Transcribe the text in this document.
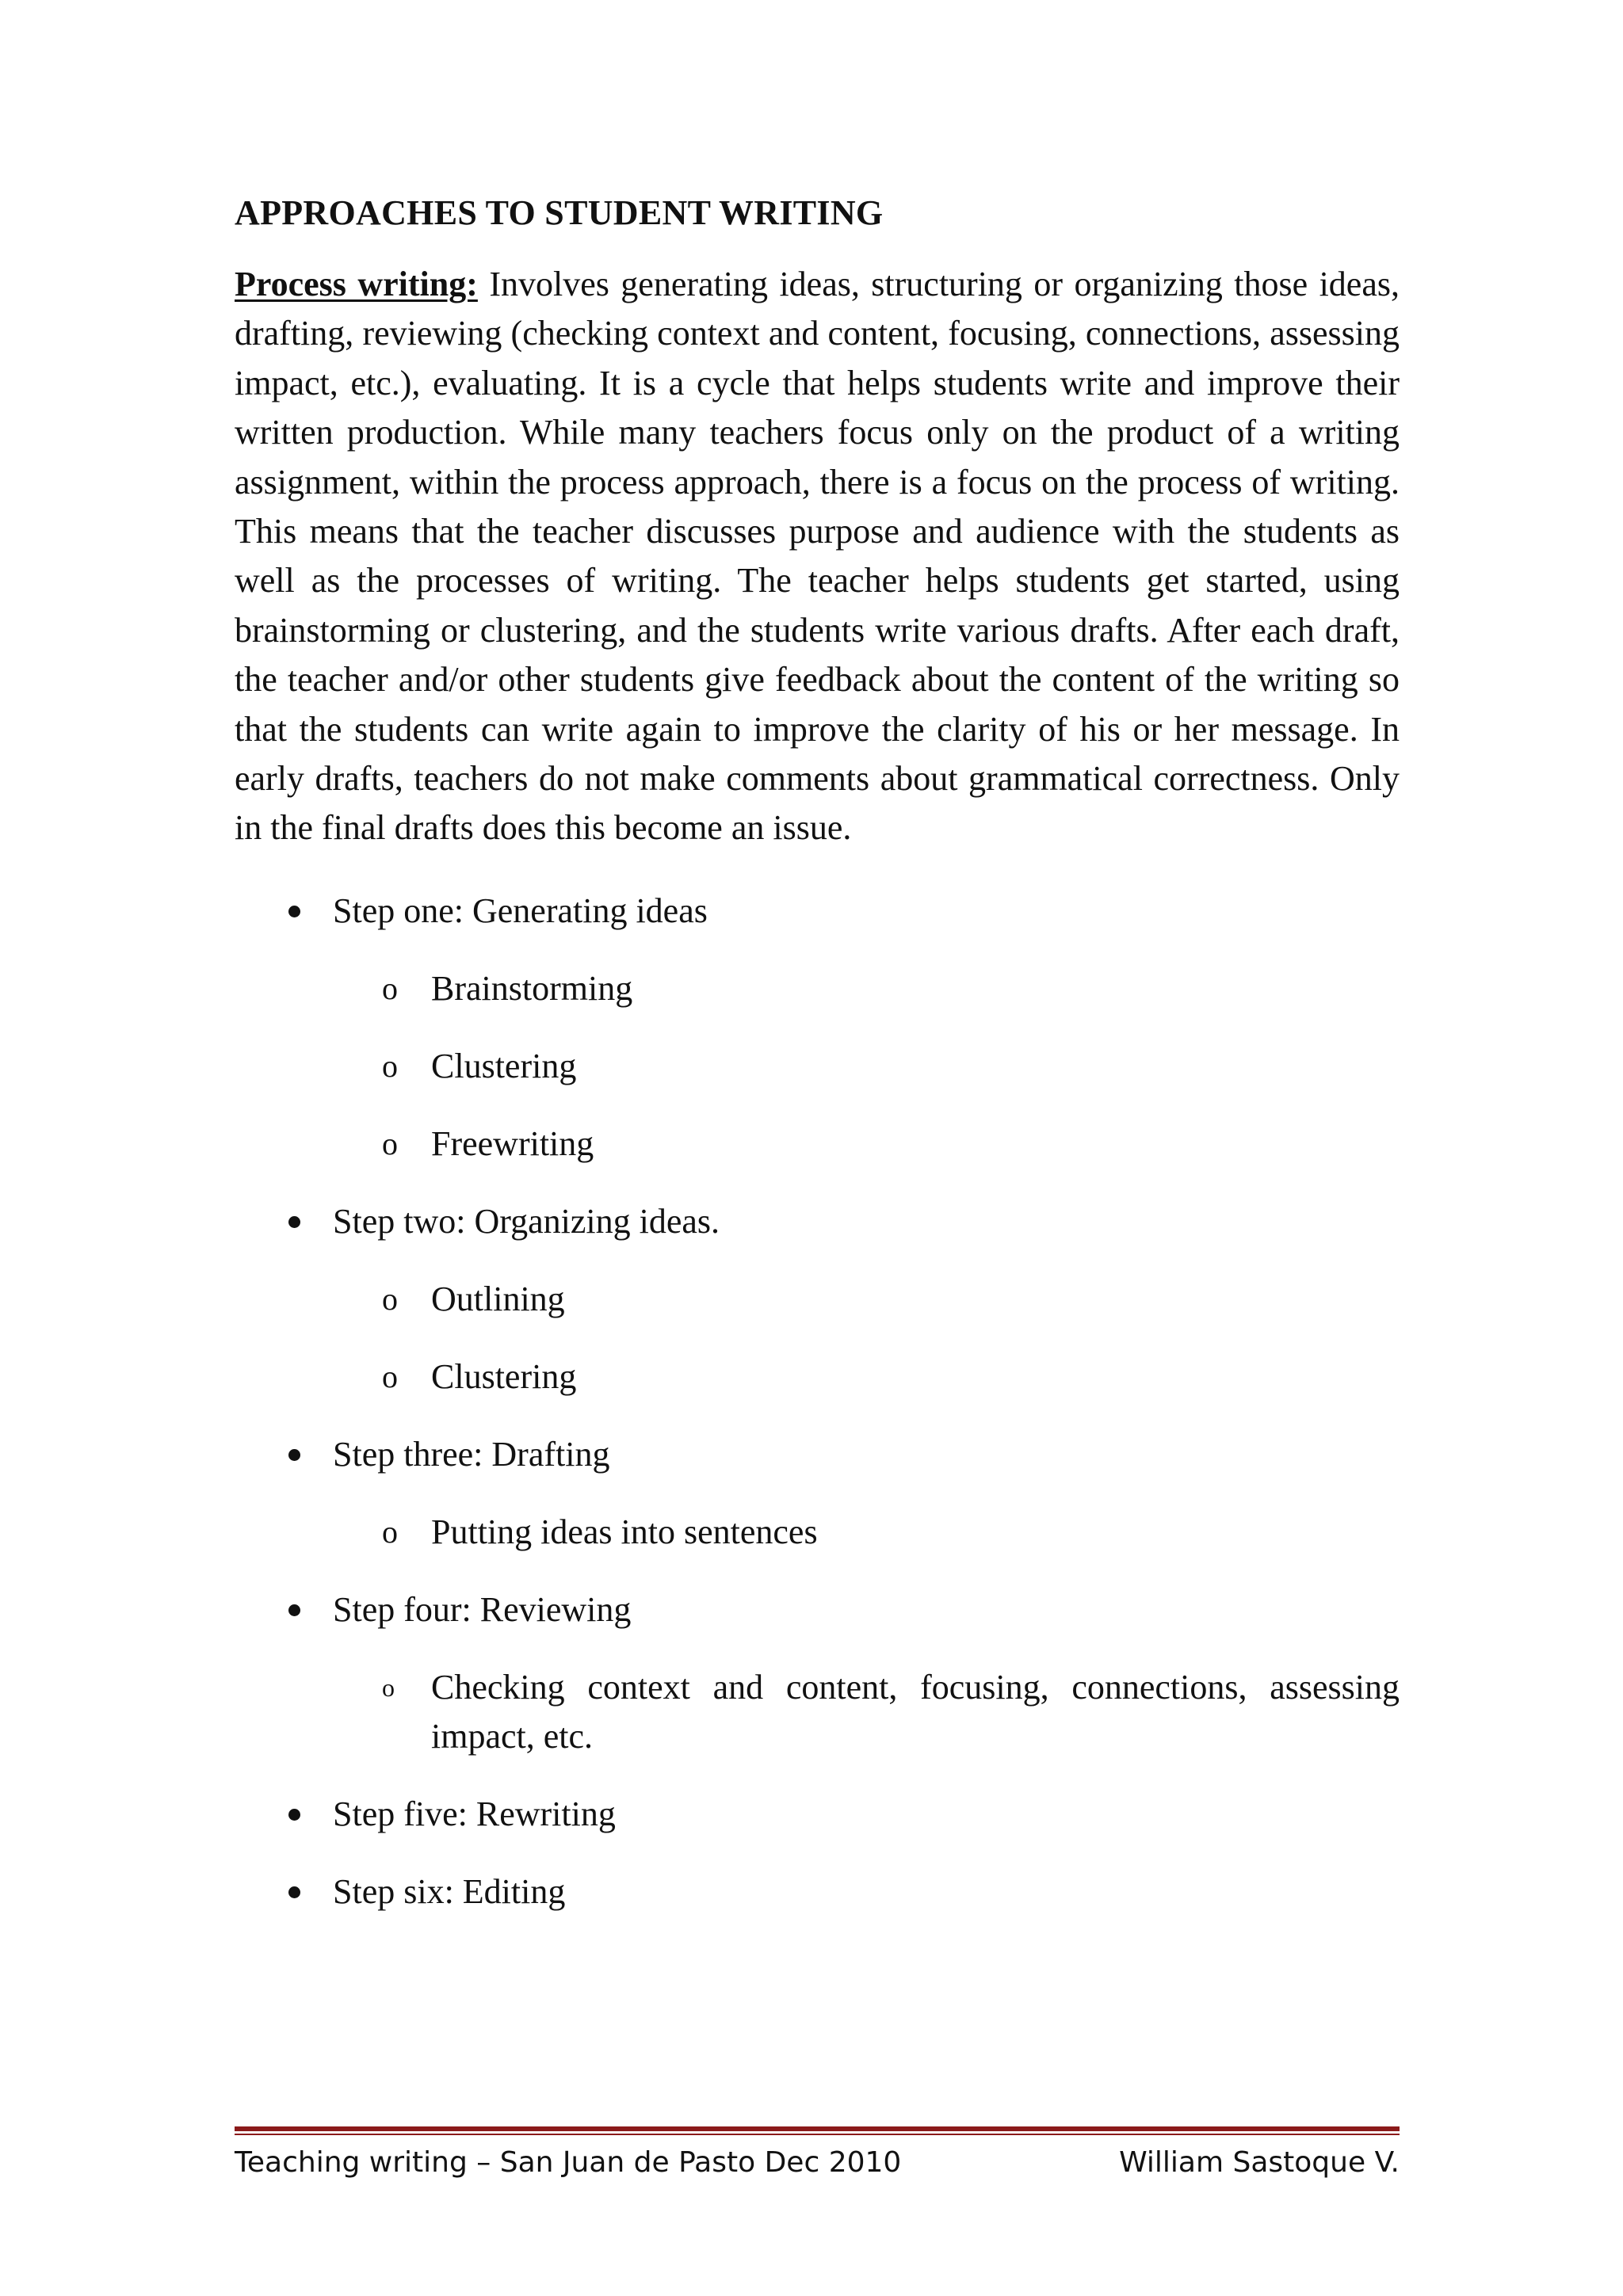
APPROACHES TO STUDENT WRITING

Process writing: Involves generating ideas, structuring or organizing those ideas, drafting, reviewing (checking context and content, focusing, connections, assessing impact, etc.), evaluating. It is a cycle that helps students write and improve their written production. While many teachers focus only on the product of a writing assignment, within the process approach, there is a focus on the process of writing. This means that the teacher discusses purpose and audience with the students as well as the processes of writing. The teacher helps students get started, using brainstorming or clustering, and the students write various drafts. After each draft, the teacher and/or other students give feedback about the content of the writing so that the students can write again to improve the clarity of his or her message. In early drafts, teachers do not make comments about grammatical correctness. Only in the final drafts does this become an issue.

Step one: Generating ideas
o Brainstorming
o Clustering
o Freewriting
Step two: Organizing ideas.
o Outlining
o Clustering
Step three: Drafting
o Putting ideas into sentences
Step four: Reviewing
o Checking context and content, focusing, connections, assessing impact, etc.
Step five: Rewriting
Step six: Editing
Teaching writing – San Juan de Pasto Dec 2010	William Sastoque V.
